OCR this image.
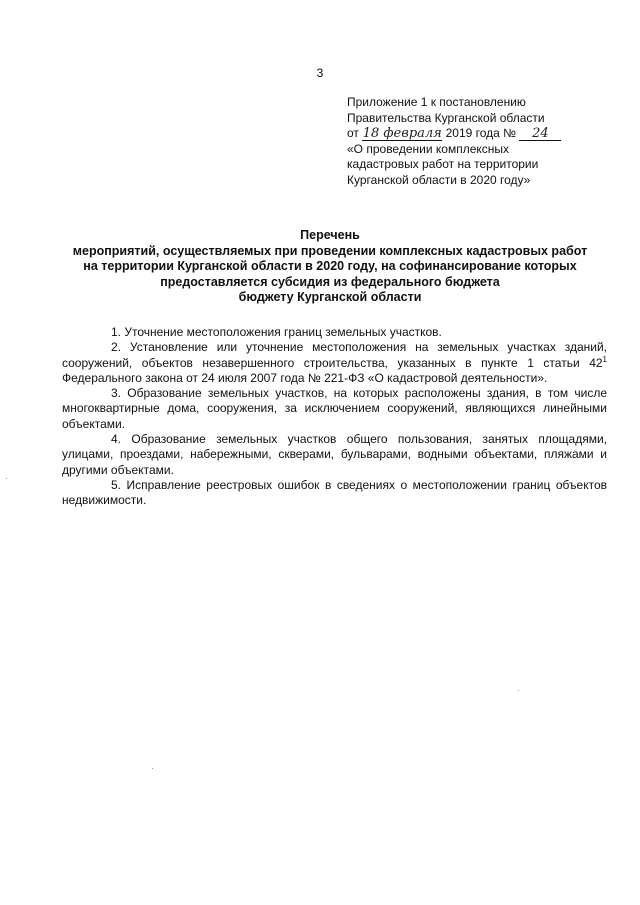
3
Приложение 1 к постановлению
Правительства Курганской области
от 18 февраля 2019 года № 24
«О проведении комплексных
кадастровых работ на территории
Курганской области в 2020 году»
Перечень
мероприятий, осуществляемых при проведении комплексных кадастровых работ
на территории Курганской области в 2020 году, на софинансирование которых
предоставляется субсидия из федерального бюджета
бюджету Курганской области

1. Уточнение местоположения границ земельных участков.

2. Установление или уточнение местоположения на земельных участках зданий, сооружений, объектов незавершенного строительства, указанных в пункте 1 статьи $42^1$ Федерального закона от 24 июля 2007 года № 221-ФЗ «О кадастровой деятельности».

3. Образование земельных участков, на которых расположены здания, в том числе многоквартирные дома, сооружения, за исключением сооружений, являющихся линейными объектами.

4. Образование земельных участков общего пользования, занятых площадями, улицами, проездами, набережными, скверами, бульварами, водными объектами, пляжами и другими объектами.

5. Исправление реестровых ошибок в сведениях о местоположении границ объектов недвижимости.
